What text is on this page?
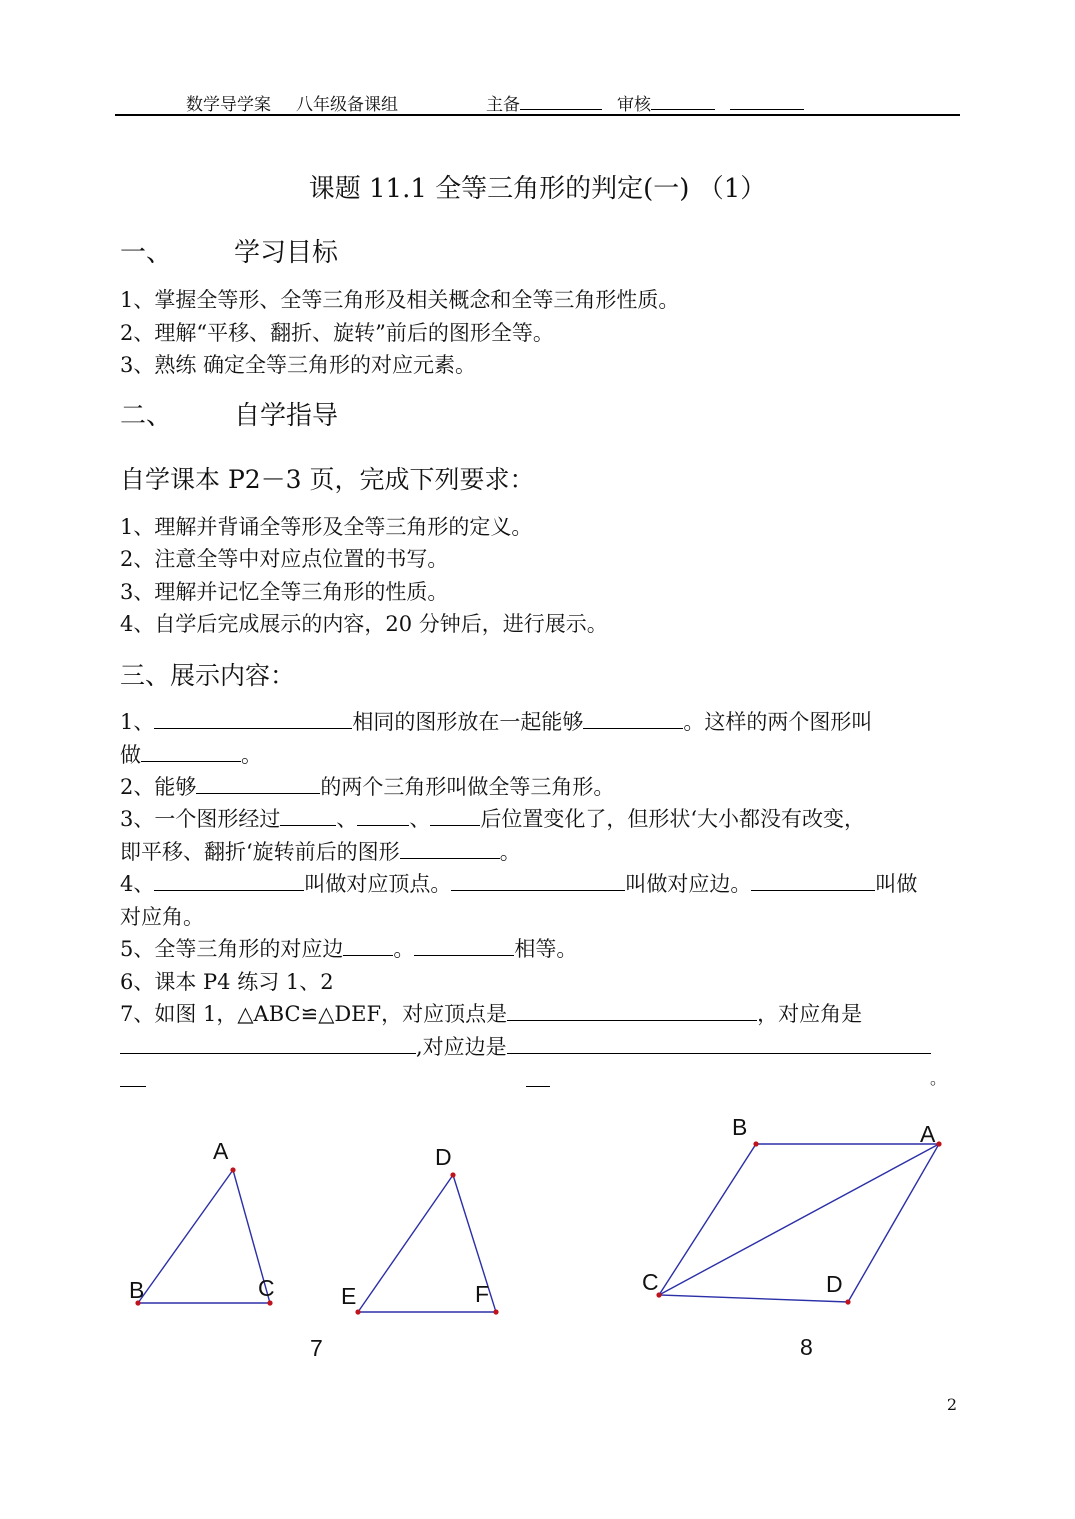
数学导学案 八年级备课组	主备	审核
课题 11.1 全等三角形的判定(一) （1）
一、 学习目标
1、掌握全等形、全等三角形及相关概念和全等三角形性质。
2、理解“平移、翻折、旋转”前后的图形全等。
3、熟练 确定全等三角形的对应元素。
二、 自学指导
自学课本 P2－3 页，完成下列要求：
1、理解并背诵全等形及全等三角形的定义。
2、注意全等中对应点位置的书写。
3、理解并记忆全等三角形的性质。
4、自学后完成展示的内容，20 分钟后，进行展示。
三、展示内容：
1、	相同的图形放在一起能够	。这样的两个图形叫
做	。
2、能够	的两个三角形叫做全等三角形。
3、一个图形经过	、 、 后位置变化了，但形状‘大小都没有改变，
即平移、翻折‘旋转前后的图形	。
4、	叫做对应顶点。	叫做对应边。	叫做
对应角。
5、全等三角形的对应边 。	相等。
6、课本 P4 练习 1、2
7、如图 1，△ABC≌△DEF，对应顶点是	，对应角是
,对应边是
。
A
B	C
D
E	F
A
B
C	D
7	8
2
